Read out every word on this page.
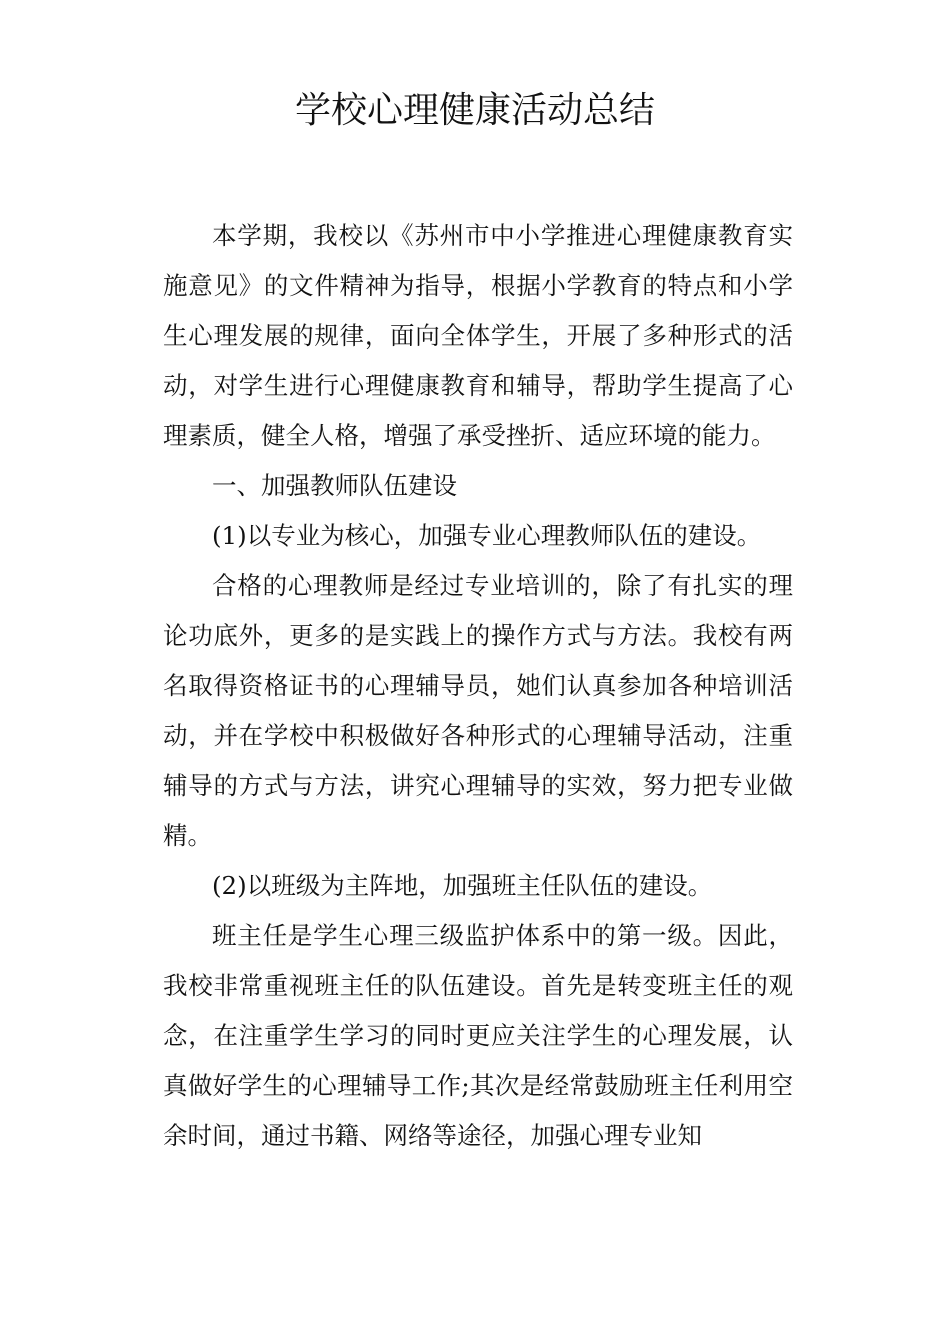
学校心理健康活动总结

本学期，我校以《苏州市中小学推进心理健康教育实施意见》的文件精神为指导，根据小学教育的特点和小学生心理发展的规律，面向全体学生，开展了多种形式的活动，对学生进行心理健康教育和辅导，帮助学生提高了心理素质，健全人格，增强了承受挫折、适应环境的能力。

一、加强教师队伍建设

(1)以专业为核心，加强专业心理教师队伍的建设。

合格的心理教师是经过专业培训的，除了有扎实的理论功底外，更多的是实践上的操作方式与方法。我校有两名取得资格证书的心理辅导员，她们认真参加各种培训活动，并在学校中积极做好各种形式的心理辅导活动，注重辅导的方式与方法，讲究心理辅导的实效，努力把专业做精。

(2)以班级为主阵地，加强班主任队伍的建设。

班主任是学生心理三级监护体系中的第一级。因此，我校非常重视班主任的队伍建设。首先是转变班主任的观念，在注重学生学习的同时更应关注学生的心理发展，认真做好学生的心理辅导工作;其次是经常鼓励班主任利用空余时间，通过书籍、网络等途径，加强心理专业知
